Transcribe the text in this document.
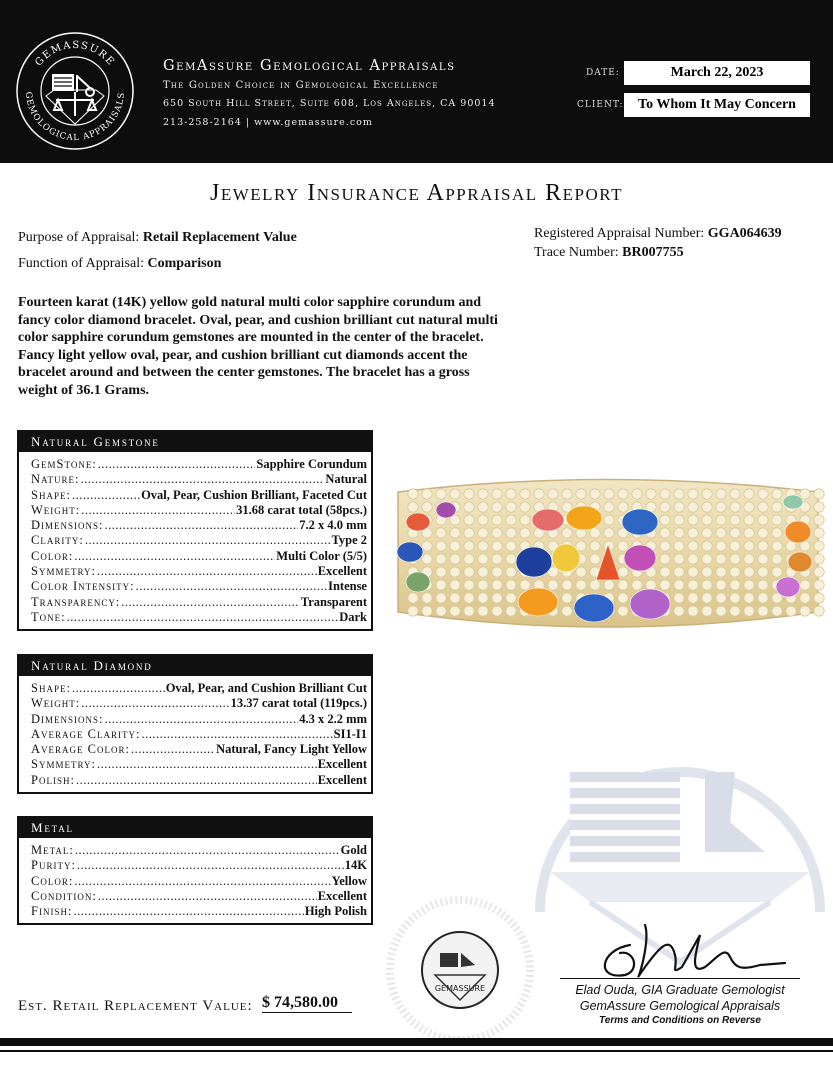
GEMASSURE
GEMOLOGICAL APPRAISALS
GemAssure Gemological Appraisals
The Golden Choice in Gemological Excellence
650 South Hill Street, Suite 608, Los Angeles, CA 90014
213-258-2164 | www.gemassure.com
DATE:	March 22, 2023
CLIENT:	To Whom It May Concern
Jewelry Insurance Appraisal Report
Purpose of Appraisal: Retail Replacement Value
Function of Appraisal: Comparison
Registered Appraisal Number: GGA064639
Trace Number: BR007755
Fourteen karat (14K) yellow gold natural multi color sapphire corundum and fancy color diamond bracelet. Oval, pear, and cushion brilliant cut natural multi color sapphire corundum gemstones are mounted in the center of the bracelet. Fancy light yellow oval, pear, and cushion brilliant cut diamonds accent the bracelet around and between the center gemstones. The bracelet has a gross weight of 36.1 Grams.
Natural Gemstone
GemStone: .....	Sapphire Corundum
Nature: .....	Natural
Shape: .....	Oval, Pear, Cushion Brilliant, Faceted Cut
Weight: .....	31.68 carat total (58pcs.)
Dimensions: .....	7.2 x 4.0 mm
Clarity: .....	Type 2
Color: .....	Multi Color (5/5)
Symmetry: .....	Excellent
Color Intensity: .....	Intense
Transparency: .....	Transparent
Tone: .....	Dark
Natural Diamond
Shape: .....	Oval, Pear, and Cushion Brilliant Cut
Weight: .....	13.37 carat total (119pcs.)
Dimensions: .....	4.3 x 2.2 mm
Average Clarity: .....	SI1-I1
Average Color: .....	Natural, Fancy Light Yellow
Symmetry: .....	Excellent
Polish: .....	Excellent
Metal
Metal: .....	Gold
Purity: .....	14K
Color: .....	Yellow
Condition: .....	Excellent
Finish: .....	High Polish
GEMASSURE	Elad Ouda, GIA Graduate Gemologist
GemAssure Gemological Appraisals
Terms and Conditions on Reverse
Est. Retail Replacement Value: $ 74,580.00
